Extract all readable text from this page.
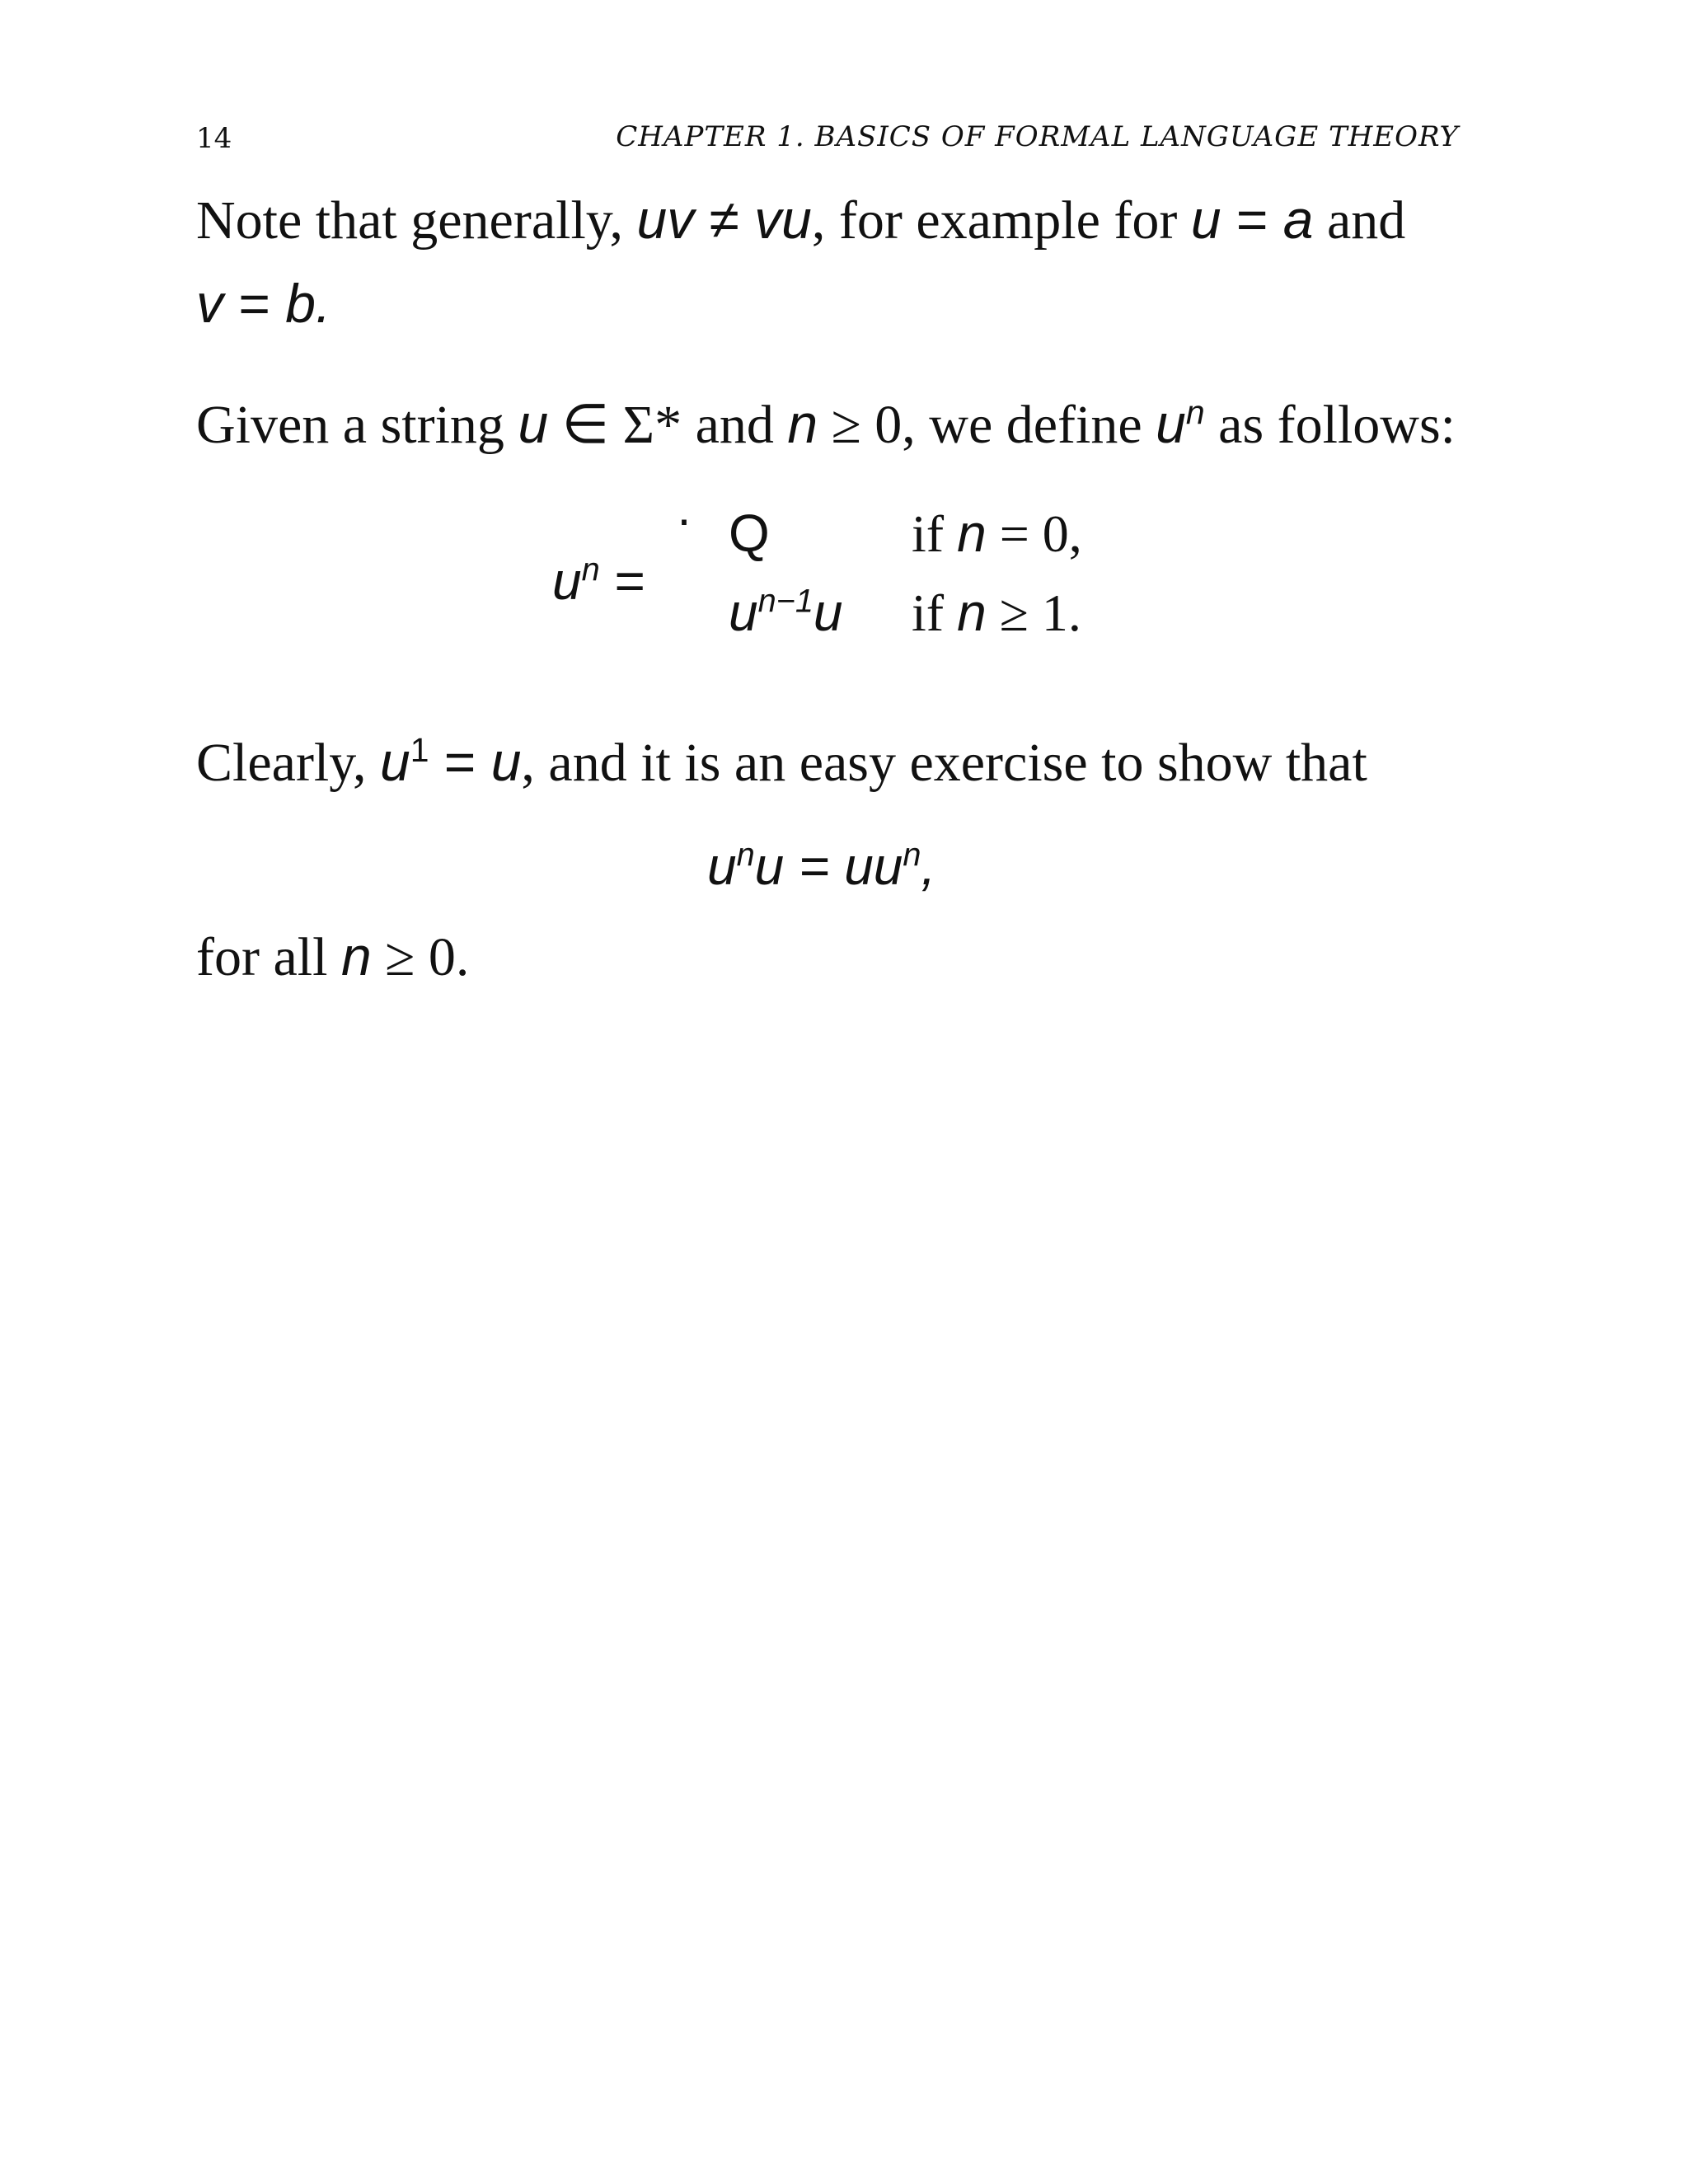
14	CHAPTER 1. BASICS OF FORMAL LANGUAGE THEORY
Note that generally, uv ≠ vu, for example for u = a and
v = b.
Given a string u ∈ Σ* and n ≥ 0, we define $u^n$ as follows:
$u^n$ =
· Q
$u^{n-1}u$
if n = 0,
if n ≥ 1.
Clearly, $u^1 = u$, and it is an easy exercise to show that
$u^nu = uu^n$,
for all n ≥ 0.
